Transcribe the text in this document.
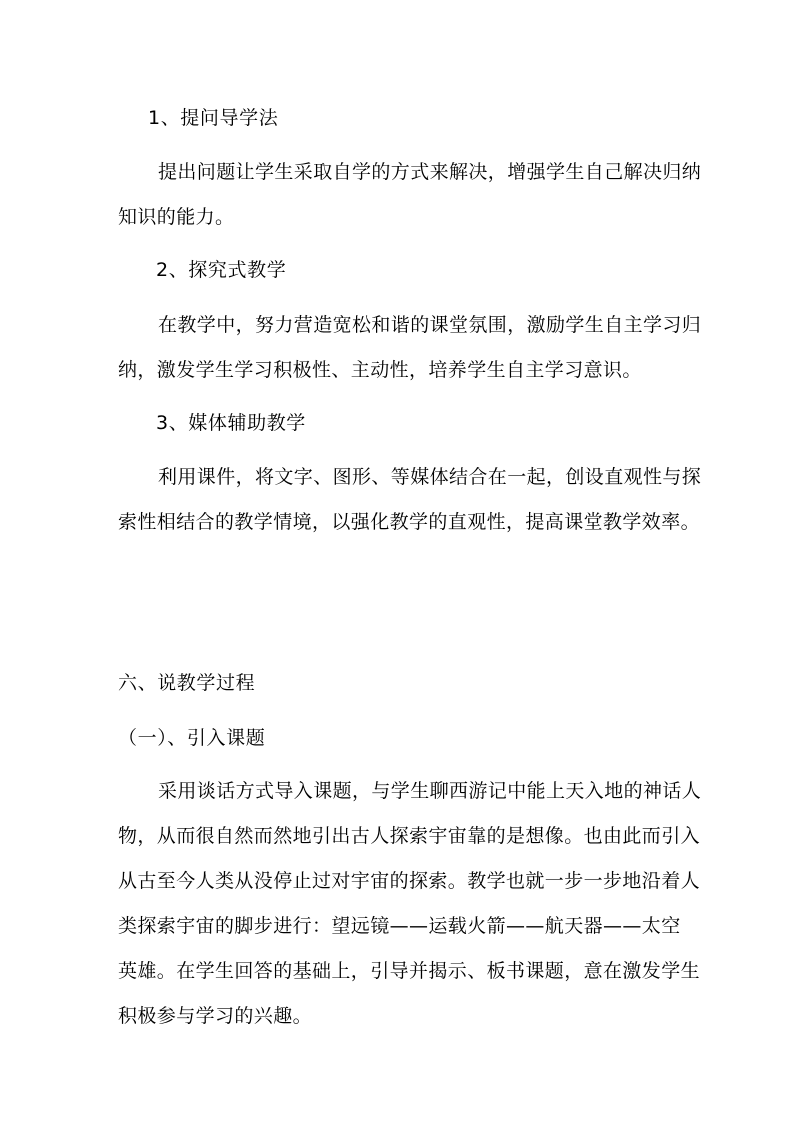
1、提问导学法
提出问题让学生采取自学的方式来解决，增强学生自己解决归纳
知识的能力。
2、探究式教学
在教学中，努力营造宽松和谐的课堂氛围，激励学生自主学习归
纳，激发学生学习积极性、主动性，培养学生自主学习意识。
3、媒体辅助教学
利用课件，将文字、图形、等媒体结合在一起，创设直观性与探
索性相结合的教学情境，以强化教学的直观性，提高课堂教学效率。
六、说教学过程
（一）、引入课题
采用谈话方式导入课题，与学生聊西游记中能上天入地的神话人
物，从而很自然而然地引出古人探索宇宙靠的是想像。也由此而引入
从古至今人类从没停止过对宇宙的探索。教学也就一步一步地沿着人
类探索宇宙的脚步进行：望远镜——运载火箭——航天器——太空
英雄。在学生回答的基础上，引导并揭示、板书课题，意在激发学生
积极参与学习的兴趣。
